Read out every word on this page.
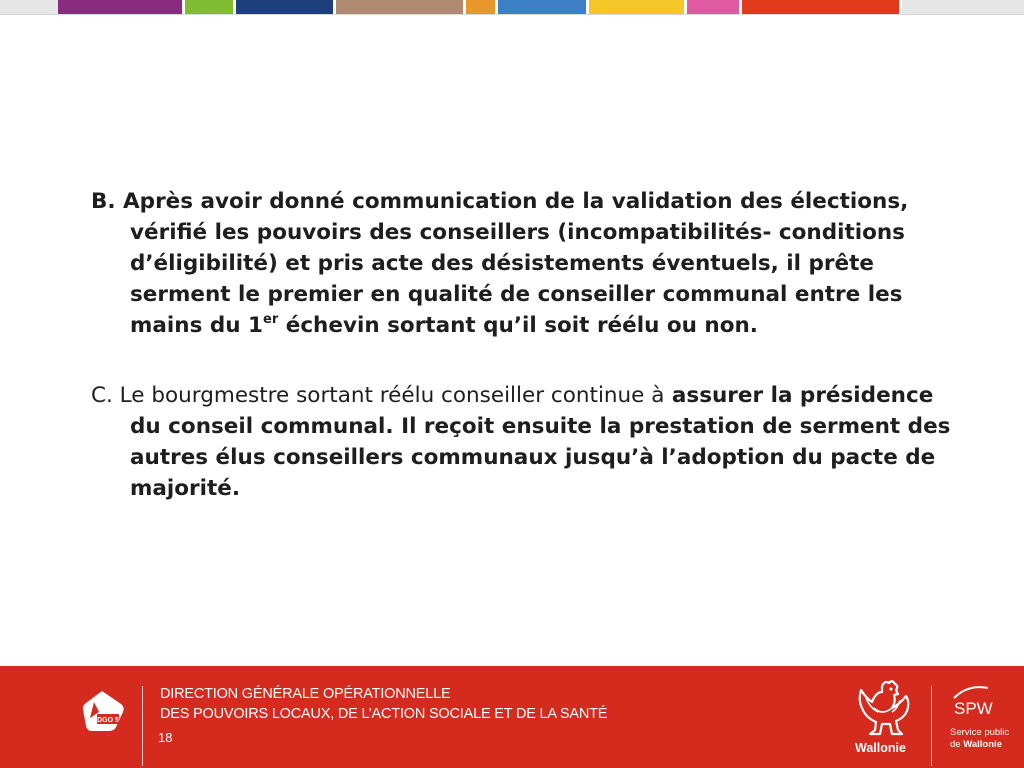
B. Après avoir donné communication de la validation des élections, vérifié les pouvoirs des conseillers (incompatibilités- conditions d’éligibilité) et pris acte des désistements éventuels, il prête serment le premier en qualité de conseiller communal entre les mains du 1er échevin sortant qu’il soit réélu ou non.

C. Le bourgmestre sortant réélu conseiller continue à assurer la présidence du conseil communal. Il reçoit ensuite la prestation de serment des autres élus conseillers communaux jusqu’à l’adoption du pacte de majorité.

DGO 5
DIRECTION GÉNÉRALE OPÉRATIONNELLE
DES POUVOIRS LOCAUX, DE L’ACTION SOCIALE ET DE LA SANTÉ
18
Wallonie
SPW
Service public
de Wallonie
